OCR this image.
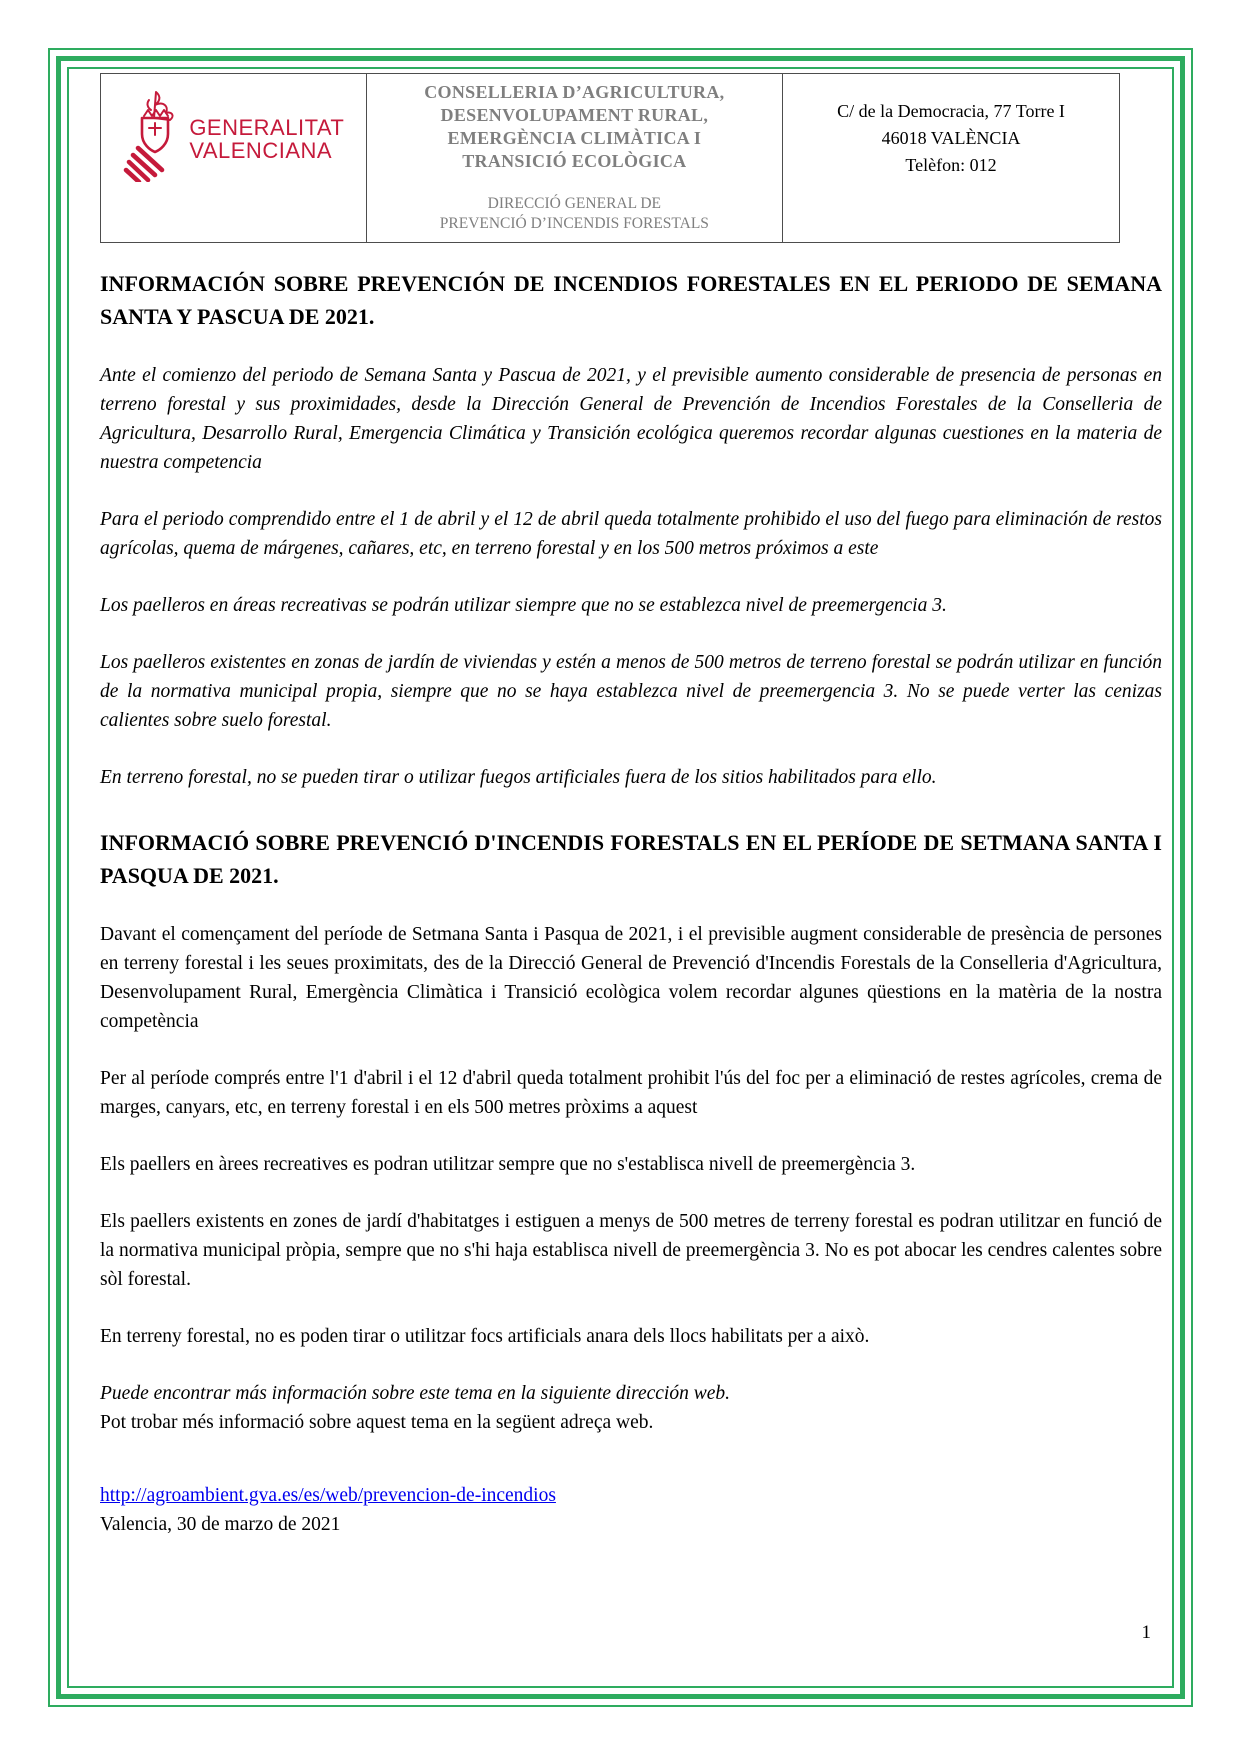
GENERALITAT
VALENCIANA
CONSELLERIA D’AGRICULTURA,
DESENVOLUPAMENT RURAL,
EMERGÈNCIA CLIMÀTICA I
TRANSICIÓ ECOLÒGICA
DIRECCIÓ GENERAL DE
PREVENCIÓ D’INCENDIS FORESTALS
C/ de la Democracia, 77 Torre I
46018 VALÈNCIA
Telèfon: 012
INFORMACIÓN SOBRE PREVENCIÓN DE INCENDIOS FORESTALES EN EL PERIODO DE SEMANA SANTA Y PASCUA DE 2021.

Ante el comienzo del periodo de Semana Santa y Pascua de 2021, y el previsible aumento considerable de presencia de personas en terreno forestal y sus proximidades, desde la Dirección General de Prevención de Incendios Forestales de la Conselleria de Agricultura, Desarrollo Rural, Emergencia Climática y Transición ecológica queremos recordar algunas cuestiones en la materia de nuestra competencia

Para el periodo comprendido entre el 1 de abril y el 12 de abril queda totalmente prohibido el uso del fuego para eliminación de restos agrícolas, quema de márgenes, cañares, etc, en terreno forestal y en los 500 metros próximos a este

Los paelleros en áreas recreativas se podrán utilizar siempre que no se establezca nivel de preemergencia 3.

Los paelleros existentes en zonas de jardín de viviendas y estén a menos de 500 metros de terreno forestal se podrán utilizar en función de la normativa municipal propia, siempre que no se haya establezca nivel de preemergencia 3. No se puede verter las cenizas calientes sobre suelo forestal.

En terreno forestal, no se pueden tirar o utilizar fuegos artificiales fuera de los sitios habilitados para ello.

INFORMACIÓ SOBRE PREVENCIÓ D'INCENDIS FORESTALS EN EL PERÍODE DE SETMANA SANTA I PASQUA DE 2021.

Davant el començament del període de Setmana Santa i Pasqua de 2021, i el previsible augment considerable de presència de persones en terreny forestal i les seues proximitats, des de la Direcció General de Prevenció d'Incendis Forestals de la Conselleria d'Agricultura, Desenvolupament Rural, Emergència Climàtica i Transició ecològica volem recordar algunes qüestions en la matèria de la nostra competència

Per al període comprés entre l'1 d'abril i el 12 d'abril queda totalment prohibit l'ús del foc per a eliminació de restes agrícoles, crema de marges, canyars, etc, en terreny forestal i en els 500 metres pròxims a aquest

Els paellers en àrees recreatives es podran utilitzar sempre que no s'establisca nivell de preemergència 3.

Els paellers existents en zones de jardí d'habitatges i estiguen a menys de 500 metres de terreny forestal es podran utilitzar en funció de la normativa municipal pròpia, sempre que no s'hi haja establisca nivell de preemergència 3. No es pot abocar les cendres calentes sobre sòl forestal.

En terreny forestal, no es poden tirar o utilitzar focs artificials anara dels llocs habilitats per a això.

Puede encontrar más información sobre este tema en la siguiente dirección web.

Pot trobar més informació sobre aquest tema en la següent adreça web.

http://agroambient.gva.es/es/web/prevencion-de-incendios
Valencia, 30 de marzo de 2021
1
